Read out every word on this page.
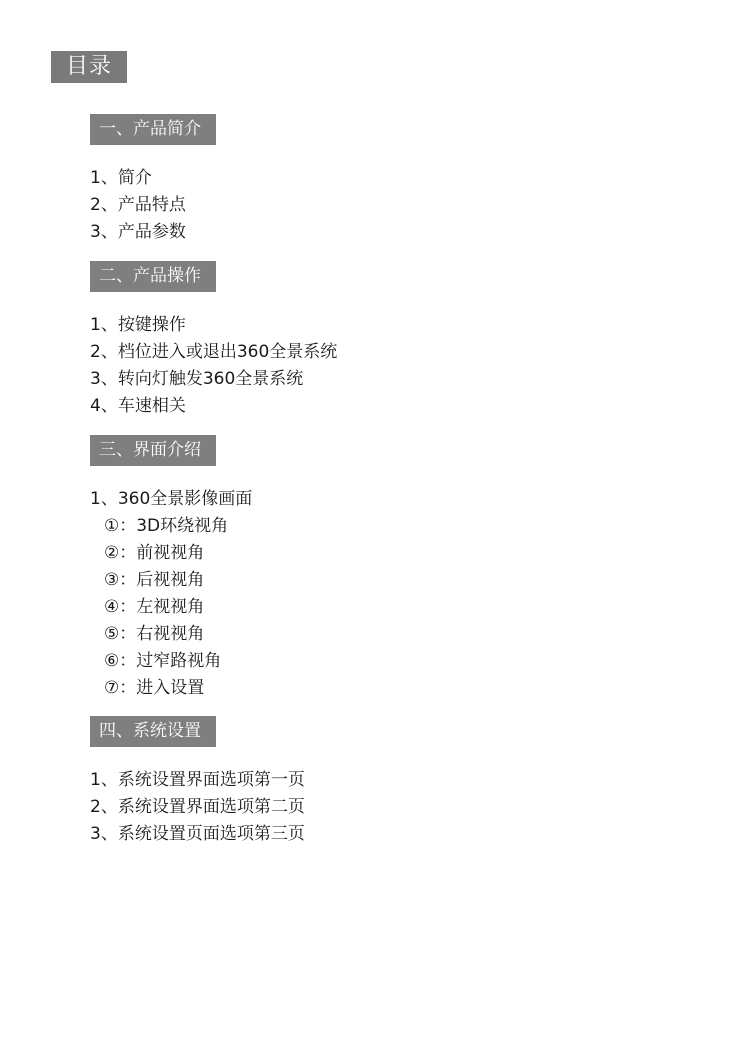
目录
一、产品简介
1、简介
2、产品特点
3、产品参数
二、产品操作
1、按键操作
2、档位进入或退出360全景系统
3、转向灯触发360全景系统
4、车速相关
三、界面介绍
1、360全景影像画面
①：3D环绕视角
②：前视视角
③：后视视角
④：左视视角
⑤：右视视角
⑥：过窄路视角
⑦：进入设置
四、系统设置
1、系统设置界面选项第一页
2、系统设置界面选项第二页
3、系统设置页面选项第三页
